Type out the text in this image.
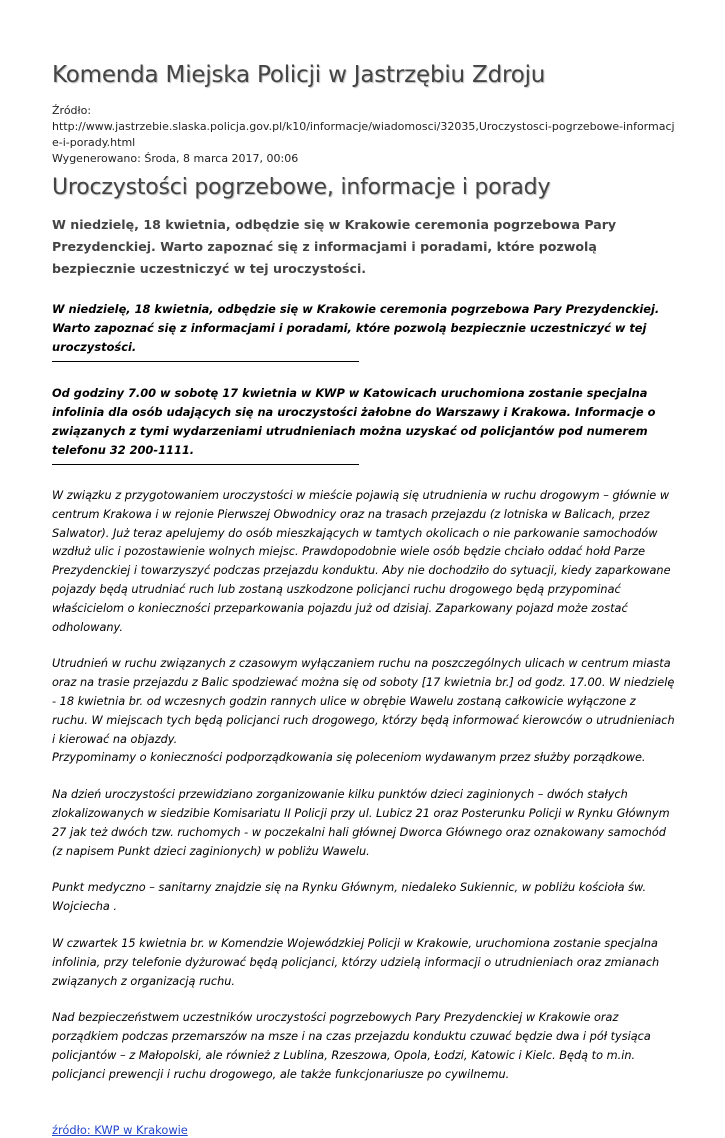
Komenda Miejska Policji w Jastrzębiu Zdroju
Źródło:
http://www.jastrzebie.slaska.policja.gov.pl/k10/informacje/wiadomosci/32035,Uroczystosci-pogrzebowe-informacje-i-porady.html
Wygenerowano: Środa, 8 marca 2017, 00:06
Uroczystości pogrzebowe, informacje i porady

W niedzielę, 18 kwietnia, odbędzie się w Krakowie ceremonia pogrzebowa Pary Prezydenckiej. Warto zapoznać się z informacjami i poradami, które pozwolą bezpiecznie uczestniczyć w tej uroczystości.

W niedzielę, 18 kwietnia, odbędzie się w Krakowie ceremonia pogrzebowa Pary Prezydenckiej. Warto zapoznać się z informacjami i poradami, które pozwolą bezpiecznie uczestniczyć w tej uroczystości.

Od godziny 7.00 w sobotę 17 kwietnia w KWP w Katowicach uruchomiona zostanie specjalna infolinia dla osób udających się na uroczystości żałobne do Warszawy i Krakowa. Informacje o związanych z tymi wydarzeniami utrudnieniach można uzyskać od policjantów pod numerem telefonu 32 200-1111.

W związku z przygotowaniem uroczystości w mieście pojawią się utrudnienia w ruchu drogowym – głównie w centrum Krakowa i w rejonie Pierwszej Obwodnicy oraz na trasach przejazdu (z lotniska w Balicach, przez Salwator). Już teraz apelujemy do osób mieszkających w tamtych okolicach o nie parkowanie samochodów wzdłuż ulic i pozostawienie wolnych miejsc. Prawdopodobnie wiele osób będzie chciało oddać hołd Parze Prezydenckiej i towarzyszyć podczas przejazdu konduktu. Aby nie dochodziło do sytuacji, kiedy zaparkowane pojazdy będą utrudniać ruch lub zostaną uszkodzone policjanci ruchu drogowego będą przypominać właścicielom o konieczności przeparkowania pojazdu już od dzisiaj. Zaparkowany pojazd może zostać odholowany.

Utrudnień w ruchu związanych z czasowym wyłączaniem ruchu na poszczególnych ulicach w centrum miasta oraz na trasie przejazdu z Balic spodziewać można się od soboty [17 kwietnia br.] od godz. 17.00. W niedzielę - 18 kwietnia br. od wczesnych godzin rannych ulice w obrębie Wawelu zostaną całkowicie wyłączone z ruchu. W miejscach tych będą policjanci ruch drogowego, którzy będą informować kierowców o utrudnieniach i kierować na objazdy.
Przypominamy o konieczności podporządkowania się poleceniom wydawanym przez służby porządkowe.

Na dzień uroczystości przewidziano zorganizowanie kilku punktów dzieci zaginionych – dwóch stałych zlokalizowanych w siedzibie Komisariatu II Policji przy ul. Lubicz 21 oraz Posterunku Policji w Rynku Głównym 27 jak też dwóch tzw. ruchomych - w poczekalni hali głównej Dworca Głównego oraz oznakowany samochód (z napisem Punkt dzieci zaginionych) w pobliżu Wawelu.

Punkt medyczno – sanitarny znajdzie się na Rynku Głównym, niedaleko Sukiennic, w pobliżu kościoła św. Wojciecha .

W czwartek 15 kwietnia br. w Komendzie Wojewódzkiej Policji w Krakowie, uruchomiona zostanie specjalna infolinia, przy telefonie dyżurować będą policjanci, którzy udzielą informacji o utrudnieniach oraz zmianach związanych z organizacją ruchu.

Nad bezpieczeństwem uczestników uroczystości pogrzebowych Pary Prezydenckiej w Krakowie oraz porządkiem podczas przemarszów na msze i na czas przejazdu konduktu czuwać będzie dwa i pół tysiąca policjantów – z Małopolski, ale również z Lublina, Rzeszowa, Opola, Łodzi, Katowic i Kielc. Będą to m.in. policjanci prewencji i ruchu drogowego, ale także funkcjonariusze po cywilnemu.

źródło: KWP w Krakowie
